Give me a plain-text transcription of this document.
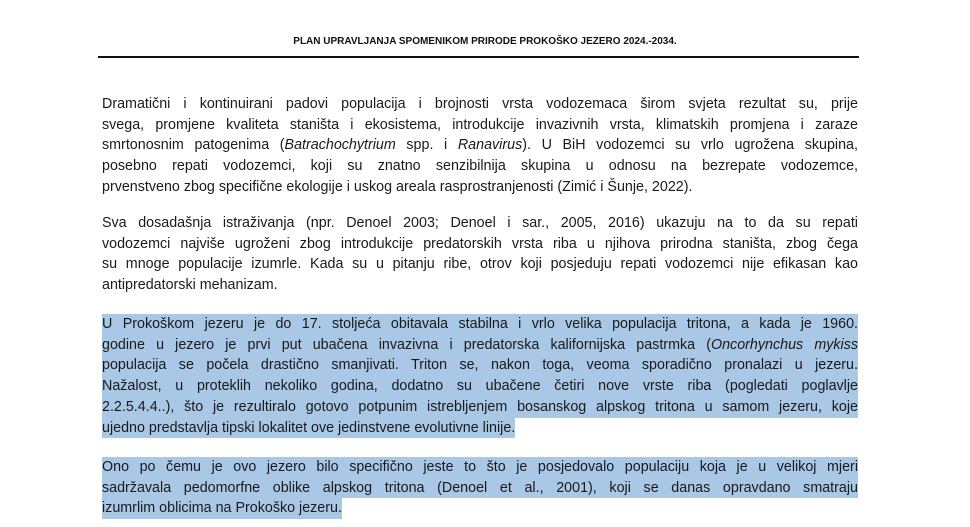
PLAN UPRAVLJANJA SPOMENIKOM PRIRODE PROKOŠKO JEZERO 2024.-2034.
Dramatični i kontinuirani padovi populacija i brojnosti vrsta vodozemaca širom svjeta rezultat su, prije
svega, promjene kvaliteta staništa i ekosistema, introdukcije invazivnih vrsta, klimatskih promjena i zaraze
smrtonosnim patogenima (Batrachochytrium spp. i Ranavirus). U BiH vodozemci su vrlo ugrožena skupina,
posebno repati vodozemci, koji su znatno senzibilnija skupina u odnosu na bezrepate vodozemce,
prvenstveno zbog specifične ekologije i uskog areala rasprostranjenosti (Zimić i Šunje, 2022).
Sva dosadašnja istraživanja (npr. Denoel 2003; Denoel i sar., 2005, 2016) ukazuju na to da su repati
vodozemci najviše ugroženi zbog introdukcije predatorskih vrsta riba u njihova prirodna staništa, zbog čega
su mnoge populacije izumrle. Kada su u pitanju ribe, otrov koji posjeduju repati vodozemci nije efikasan kao
antipredatorski mehanizam.
U Prokoškom jezeru je do 17. stoljeća obitavala stabilna i vrlo velika populacija tritona, a kada je 1960.
godine u jezero je prvi put ubačena invazivna i predatorska kalifornijska pastrmka (Oncorhynchus mykiss
populacija se počela drastično smanjivati. Triton se, nakon toga, veoma sporadično pronalazi u jezeru.
Nažalost, u proteklih nekoliko godina, dodatno su ubačene četiri nove vrste riba (pogledati poglavlje
2.2.5.4.4..), što je rezultiralo gotovo potpunim istrebljenjem bosanskog alpskog tritona u samom jezeru, koje
ujedno predstavlja tipski lokalitet ove jedinstvene evolutivne linije.
Ono po čemu je ovo jezero bilo specifično jeste to što je posjedovalo populaciju koja je u velikoj mjeri
sadržavala pedomorfne oblike alpskog tritona (Denoel et al., 2001), koji se danas opravdano smatraju
izumrlim oblicima na Prokoško jezeru.
